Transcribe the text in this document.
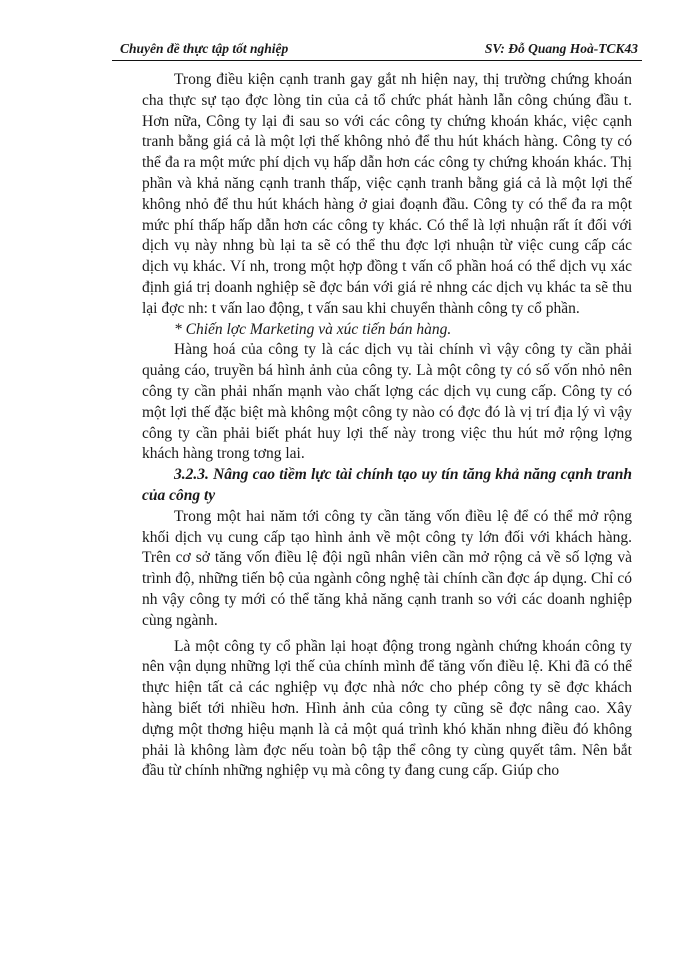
Chuyên đề thực tập tốt nghiệp	SV: Đỗ Quang Hoà-TCK43

Trong điều kiện cạnh tranh gay gắt nh hiện nay, thị trường chứng khoán cha thực sự tạo đợc lòng tin của cả tổ chức phát hành lẫn công chúng đầu t. Hơn nữa, Công ty lại đi sau so với các công ty chứng khoán khác, việc cạnh tranh bằng giá cả là một lợi thế không nhỏ để thu hút khách hàng. Công ty có thể đa ra một mức phí dịch vụ hấp dẫn hơn các công ty chứng khoán khác. Thị phần và khả năng cạnh tranh thấp, việc cạnh tranh bằng giá cả là một lợi thế không nhỏ để thu hút khách hàng ở giai đoạnh đầu. Công ty có thể đa ra một mức phí thấp hấp dẫn hơn các công ty khác. Có thể là lợi nhuận rất ít đối với dịch vụ này nhng bù lại ta sẽ có thể thu đợc lợi nhuận từ việc cung cấp các dịch vụ khác. Ví nh, trong một hợp đồng t vấn cổ phần hoá có thể dịch vụ xác định giá trị doanh nghiệp sẽ đợc bán với giá rẻ nhng các dịch vụ khác ta sẽ thu lại đợc nh: t vấn lao động, t vấn sau khi chuyển thành công ty cổ phần.

* Chiến lợc Marketing và xúc tiến bán hàng.

Hàng hoá của công ty là các dịch vụ tài chính vì vậy công ty cần phải quảng cáo, truyền bá hình ảnh của công ty. Là một công ty có số vốn nhỏ nên công ty cần phải nhấn mạnh vào chất lợng các dịch vụ cung cấp. Công ty có một lợi thế đặc biệt mà không một công ty nào có đợc đó là vị trí địa lý vì vậy công ty cần phải biết phát huy lợi thế này trong việc thu hút mở rộng lợng khách hàng trong tơng lai.

3.2.3. Nâng cao tiềm lực tài chính tạo uy tín tăng khả năng cạnh tranh của công ty

Trong một hai năm tới công ty cần tăng vốn điều lệ để có thể mở rộng khối dịch vụ cung cấp tạo hình ảnh về một công ty lớn đối với khách hàng. Trên cơ sở tăng vốn điều lệ đội ngũ nhân viên cần mở rộng cả về số lợng và trình độ, những tiến bộ của ngành công nghệ tài chính cần đợc áp dụng. Chỉ có nh vậy công ty mới có thể tăng khả năng cạnh tranh so với các doanh nghiệp cùng ngành.

Là một công ty cổ phần lại hoạt động trong ngành chứng khoán công ty nên vận dụng những lợi thế của chính mình để tăng vốn điều lệ. Khi đã có thể thực hiện tất cả các nghiệp vụ đợc nhà nớc cho phép công ty sẽ đợc khách hàng biết tới nhiều hơn. Hình ảnh của công ty cũng sẽ đợc nâng cao. Xây dựng một thơng hiệu mạnh là cả một quá trình khó khăn nhng điều đó không phải là không làm đợc nếu toàn bộ tập thể công ty cùng quyết tâm. Nên bắt đầu từ chính những nghiệp vụ mà công ty đang cung cấp. Giúp cho
